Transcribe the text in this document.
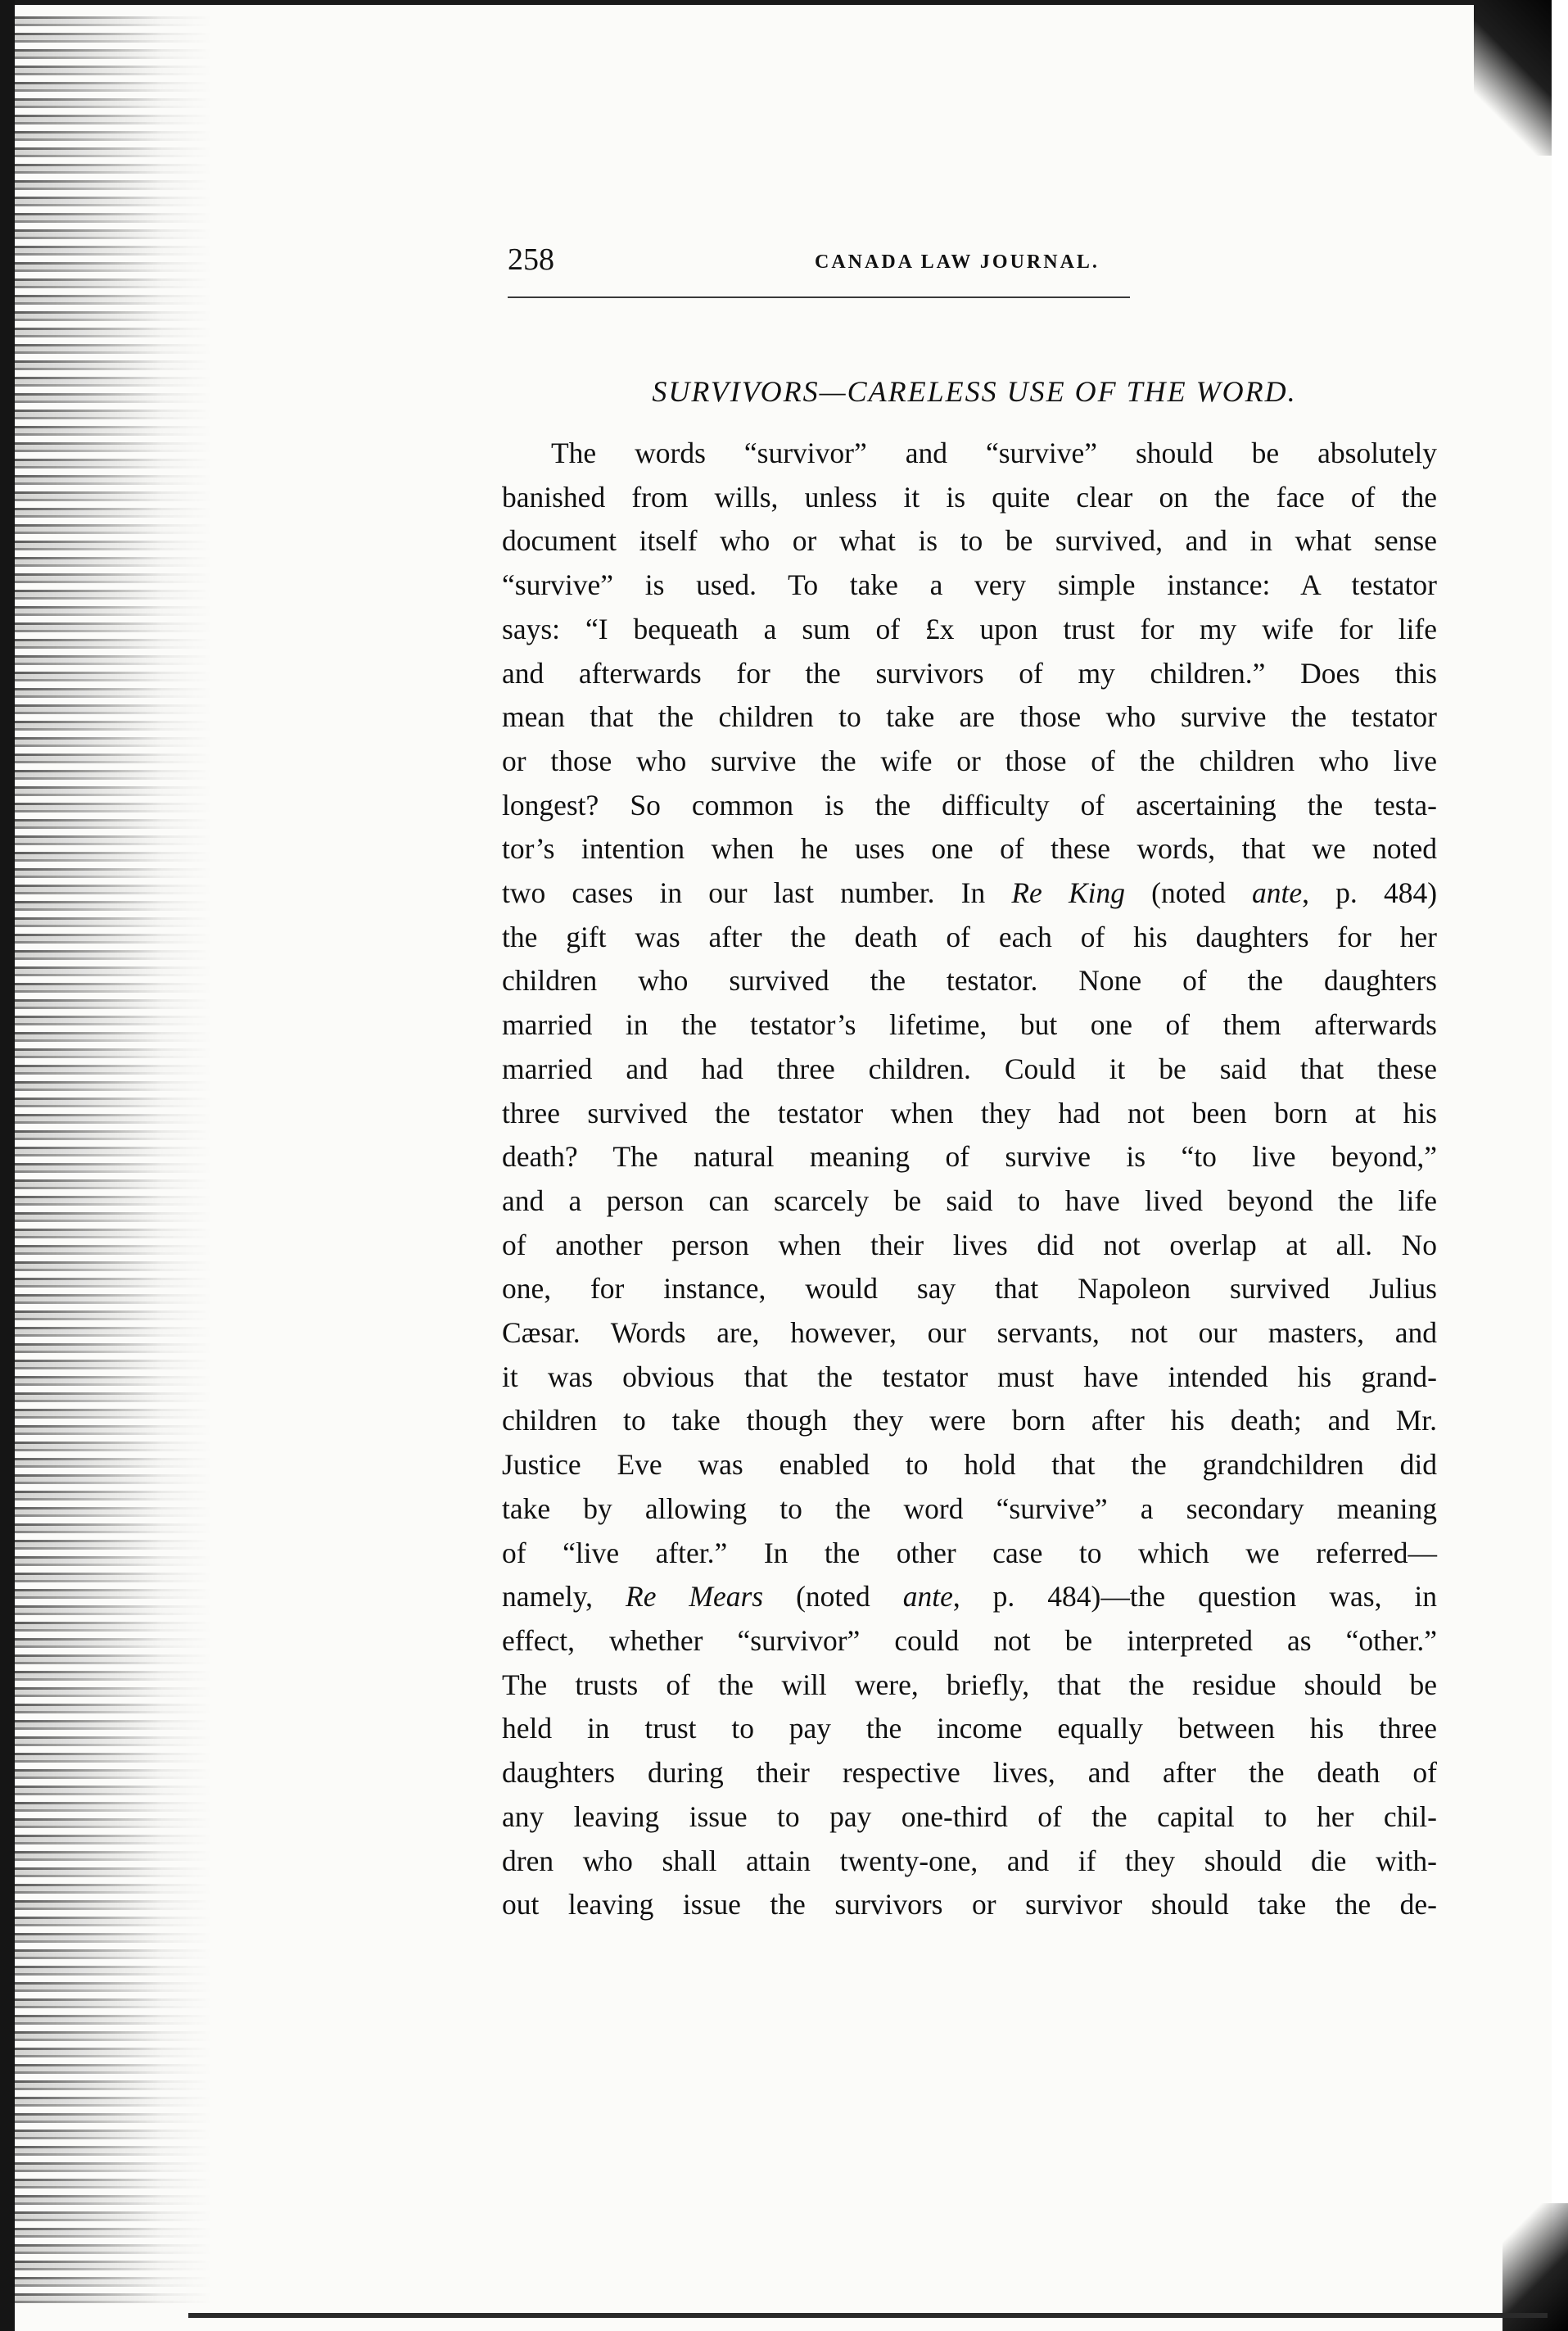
258	CANADA LAW JOURNAL.
SURVIVORS—CARELESS USE OF THE WORD.
The words “survivor” and “survive” should be absolutely
banished from wills, unless it is quite clear on the face of the
document itself who or what is to be survived, and in what sense
“survive” is used. To take a very simple instance: A testator
says: “I bequeath a sum of £x upon trust for my wife for life
and afterwards for the survivors of my children.” Does this
mean that the children to take are those who survive the testator
or those who survive the wife or those of the children who live
longest? So common is the difficulty of ascertaining the testa-
tor’s intention when he uses one of these words, that we noted
two cases in our last number. In Re King (noted ante, p. 484)
the gift was after the death of each of his daughters for her
children who survived the testator. None of the daughters
married in the testator’s lifetime, but one of them afterwards
married and had three children. Could it be said that these
three survived the testator when they had not been born at his
death? The natural meaning of survive is “to live beyond,”
and a person can scarcely be said to have lived beyond the life
of another person when their lives did not overlap at all. No
one, for instance, would say that Napoleon survived Julius
Cæsar. Words are, however, our servants, not our masters, and
it was obvious that the testator must have intended his grand-
children to take though they were born after his death; and Mr.
Justice Eve was enabled to hold that the grandchildren did
take by allowing to the word “survive” a secondary meaning
of “live after.” In the other case to which we referred—
namely, Re Mears (noted ante, p. 484)—the question was, in
effect, whether “survivor” could not be interpreted as “other.”
The trusts of the will were, briefly, that the residue should be
held in trust to pay the income equally between his three
daughters during their respective lives, and after the death of
any leaving issue to pay one-third of the capital to her chil-
dren who shall attain twenty-one, and if they should die with-
out leaving issue the survivors or survivor should take the de-
